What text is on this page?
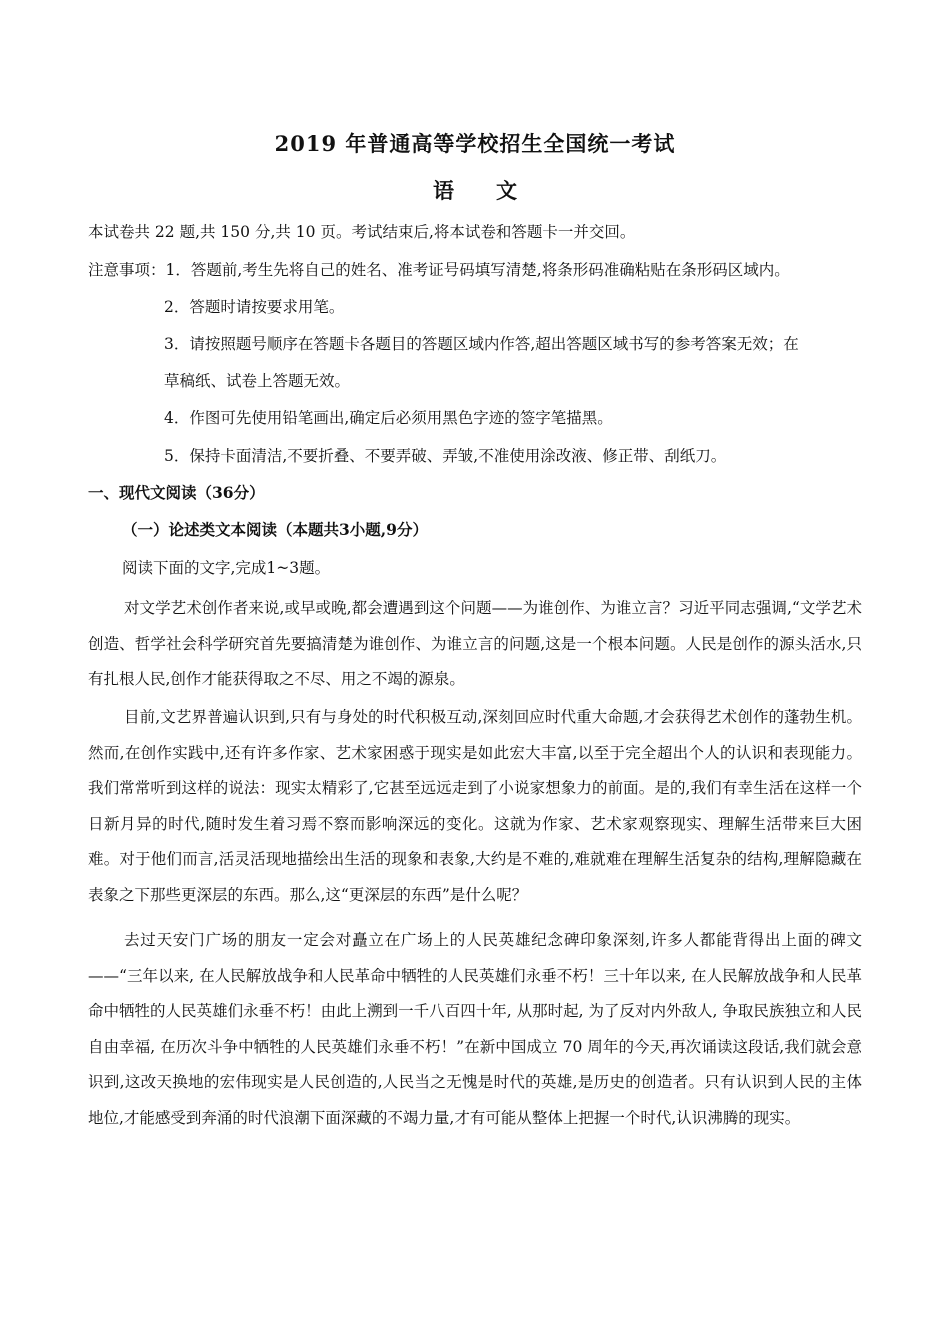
2019 年普通高等学校招生全国统一考试
语　　文
本试卷共 22 题,共 150 分,共 10 页。考试结束后,将本试卷和答题卡一并交回。
注意事项：1．答题前,考生先将自己的姓名、准考证号码填写清楚,将条形码准确粘贴在条形码区域内。
2．答题时请按要求用笔。
3．请按照题号顺序在答题卡各题目的答题区域内作答,超出答题区域书写的参考答案无效；在
草稿纸、试卷上答题无效。
4．作图可先使用铅笔画出,确定后必须用黑色字迹的签字笔描黑。
5．保持卡面清洁,不要折叠、不要弄破、弄皱,不准使用涂改液、修正带、刮纸刀。
一、现代文阅读（36分）
（一）论述类文本阅读（本题共3小题,9分）
阅读下面的文字,完成1~3题。
对文学艺术创作者来说,或早或晚,都会遭遇到这个问题——为谁创作、为谁立言？习近平同志强调,“文学艺术创造、哲学社会科学研究首先要搞清楚为谁创作、为谁立言的问题,这是一个根本问题。人民是创作的源头活水,只有扎根人民,创作才能获得取之不尽、用之不竭的源泉。
目前,文艺界普遍认识到,只有与身处的时代积极互动,深刻回应时代重大命题,才会获得艺术创作的蓬勃生机。然而,在创作实践中,还有许多作家、艺术家困惑于现实是如此宏大丰富,以至于完全超出个人的认识和表现能力。我们常常听到这样的说法：现实太精彩了,它甚至远远走到了小说家想象力的前面。是的,我们有幸生活在这样一个日新月异的时代,随时发生着习焉不察而影响深远的变化。这就为作家、艺术家观察现实、理解生活带来巨大困难。对于他们而言,活灵活现地描绘出生活的现象和表象,大约是不难的,难就难在理解生活复杂的结构,理解隐藏在表象之下那些更深层的东西。那么,这“更深层的东西”是什么呢？
去过天安门广场的朋友一定会对矗立在广场上的人民英雄纪念碑印象深刻,许多人都能背得出上面的碑文——“三年以来, 在人民解放战争和人民革命中牺牲的人民英雄们永垂不朽！三十年以来, 在人民解放战争和人民革命中牺牲的人民英雄们永垂不朽！由此上溯到一千八百四十年, 从那时起, 为了反对内外敌人, 争取民族独立和人民自由幸福, 在历次斗争中牺牲的人民英雄们永垂不朽！”在新中国成立 70 周年的今天,再次诵读这段话,我们就会意识到,这改天换地的宏伟现实是人民创造的,人民当之无愧是时代的英雄,是历史的创造者。只有认识到人民的主体地位,才能感受到奔涌的时代浪潮下面深藏的不竭力量,才有可能从整体上把握一个时代,认识沸腾的现实。
